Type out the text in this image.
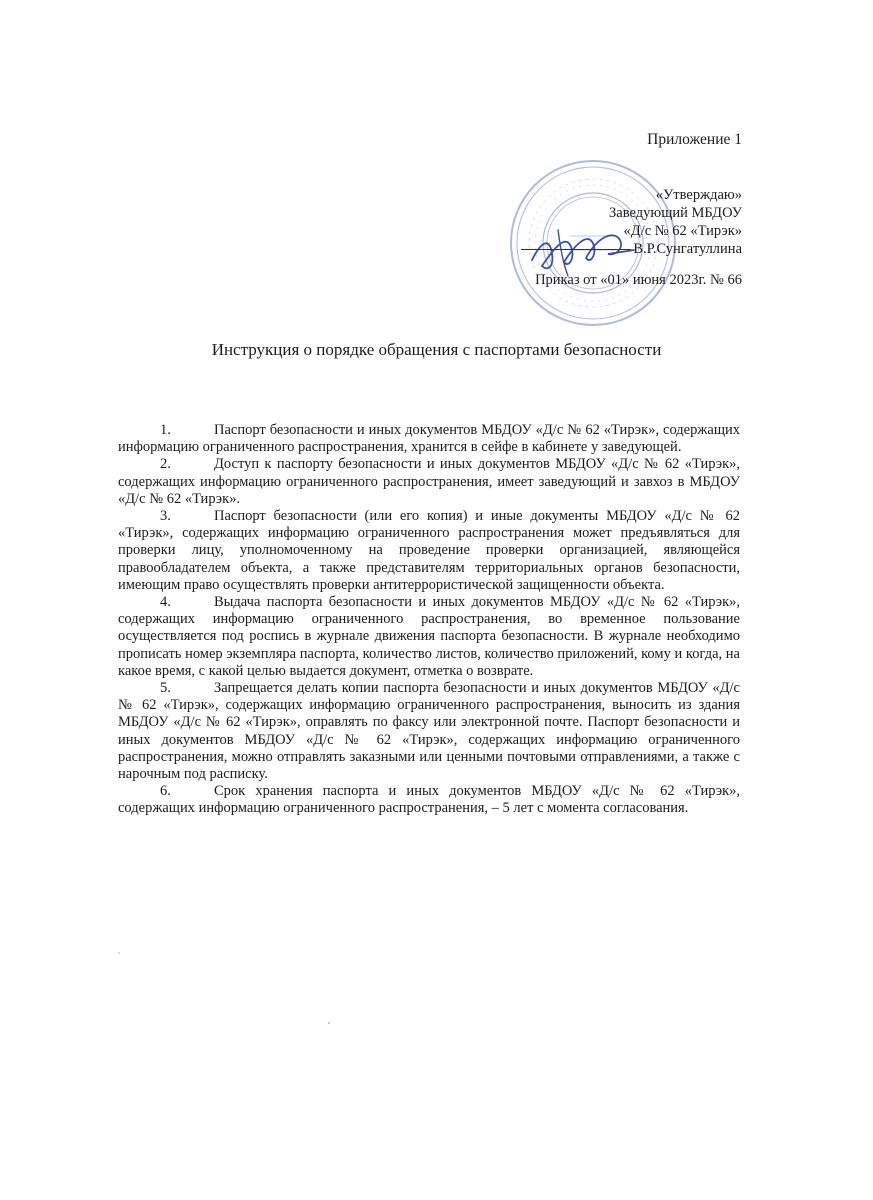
Приложение 1
«Утверждаю»
Заведующий МБДОУ
«Д/с № 62 «Тирэк»
В.Р.Сунгатуллина
Приказ от «01» июня 2023г. № 66
Инструкция о порядке обращения с паспортами безопасности

1.	Паспорт безопасности и иных документов МБДОУ «Д/с № 62 «Тирэк», содержащих информацию ограниченного распространения, хранится в сейфе в кабинете у заведующей.

2.	Доступ к паспорту безопасности и иных документов МБДОУ «Д/с № 62 «Тирэк», содержащих информацию ограниченного распространения, имеет заведующий и завхоз в МБДОУ «Д/с № 62 «Тирэк».

3.	Паспорт безопасности (или его копия) и иные документы МБДОУ «Д/с № 62 «Тирэк», содержащих информацию ограниченного распространения может предъявляться для проверки лицу, уполномоченному на проведение проверки организацией, являющейся правообладателем объекта, а также представителям территориальных органов безопасности, имеющим право осуществлять проверки антитеррористической защищенности объекта.

4.	Выдача паспорта безопасности и иных документов МБДОУ «Д/с № 62 «Тирэк», содержащих информацию ограниченного распространения, во временное пользование осуществляется под роспись в журнале движения паспорта безопасности. В журнале необходимо прописать номер экземпляра паспорта, количество листов, количество приложений, кому и когда, на какое время, с какой целью выдается документ, отметка о возврате.

5.	Запрещается делать копии паспорта безопасности и иных документов МБДОУ «Д/с № 62 «Тирэк», содержащих информацию ограниченного распространения, выносить из здания МБДОУ «Д/с № 62 «Тирэк», оправлять по факсу или электронной почте. Паспорт безопасности и иных документов МБДОУ «Д/с № 62 «Тирэк», содержащих информацию ограниченного распространения, можно отправлять заказными или ценными почтовыми отправлениями, а также с нарочным под расписку.

6.	Срок хранения паспорта и иных документов МБДОУ «Д/с № 62 «Тирэк», содержащих информацию ограниченного распространения, – 5 лет с момента согласования.
